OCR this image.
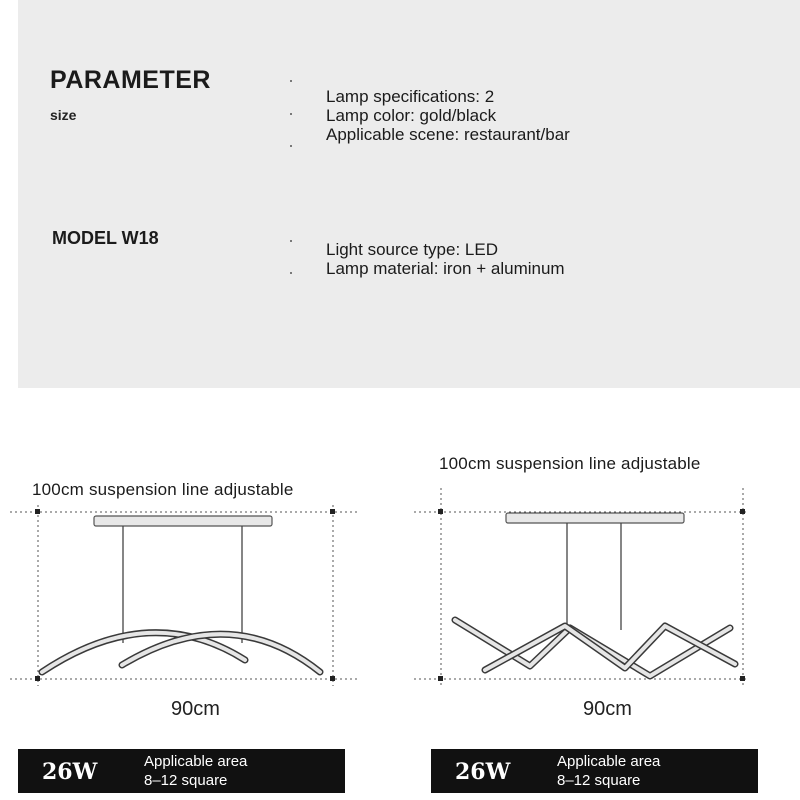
PARAMETER
size
Lamp specifications: 2
Lamp color: gold/black
Applicable scene: restaurant/bar
MODEL W18
Light source type: LED
Lamp material: iron + aluminum
100cm suspension line adjustable
100cm suspension line adjustable
90cm	90cm
26W	Applicable area
8–12 square	26W	Applicable area
8–12 square
